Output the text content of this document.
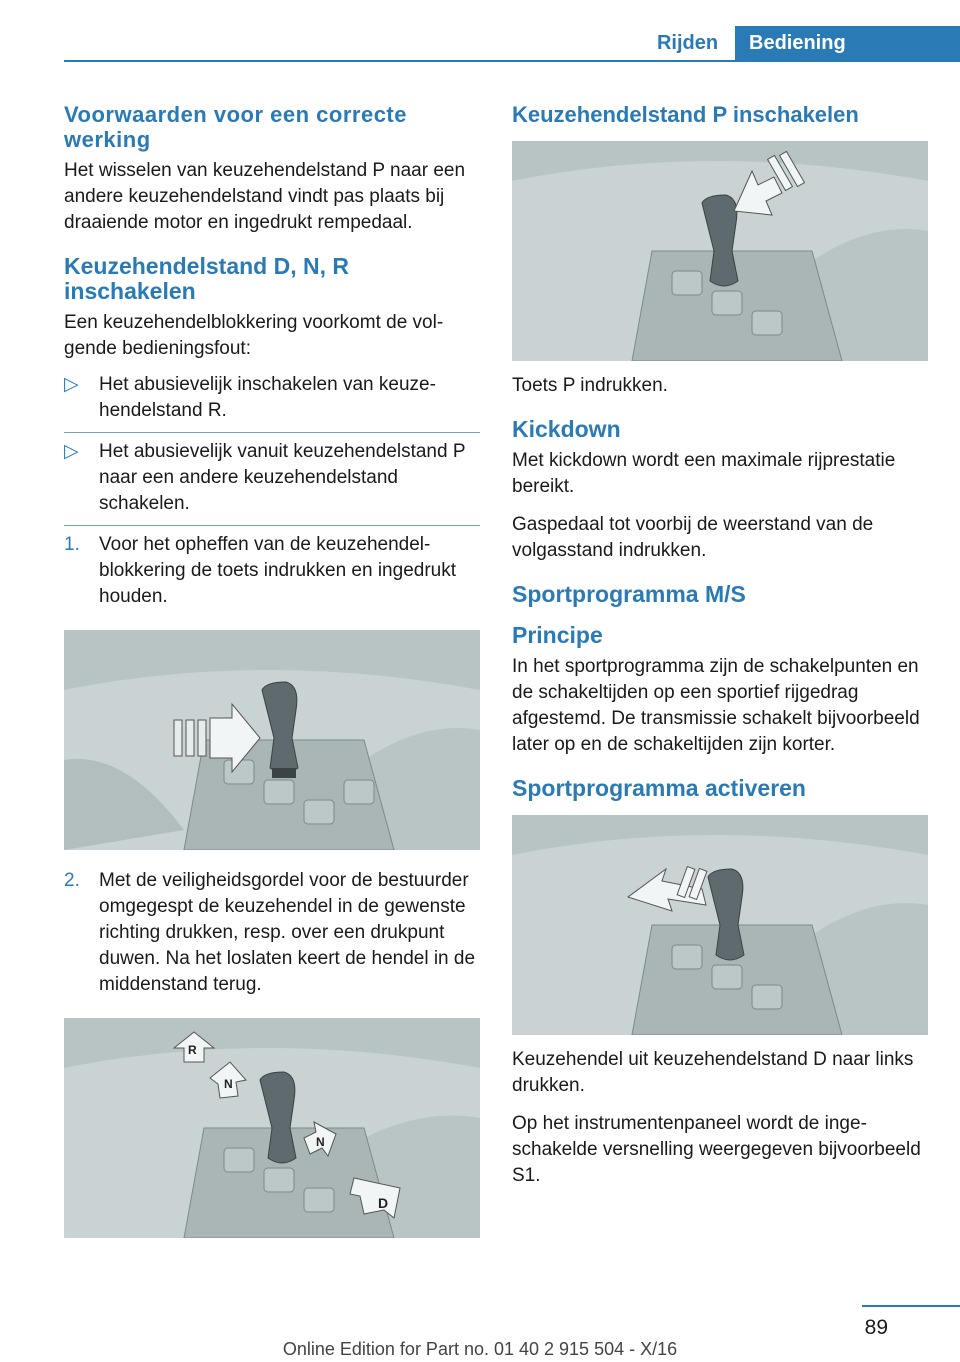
Rijden	Bediening
Voorwaarden voor een correcte werking

Het wisselen van keuzehendelstand P naar een andere keuzehendelstand vindt pas plaats bij draaiende motor en ingedrukt rempedaal.

Keuzehendelstand D, N, R inschakelen

Een keuzehendelblokkering voorkomt de volgende bedieningsfout:

▷	Het abusievelijk inschakelen van keuzehendelstand R.
▷	Het abusievelijk vanuit keuzehendelstand P naar een andere keuzehendelstand schakelen.
1.	Voor het opheffen van de keuzehendelblokkering de toets indrukken en ingedrukt houden.
2.	Met de veiligheidsgordel voor de bestuurder omgegespt de keuzehendel in de gewenste richting drukken, resp. over een drukpunt duwen. Na het loslaten keert de hendel in de middenstand terug.
R
N
N
D
Keuzehendelstand P inschakelen

Toets P indrukken.

Kickdown

Met kickdown wordt een maximale rijprestatie bereikt.

Gaspedaal tot voorbij de weerstand van de volgasstand indrukken.

Sportprogramma M/S
Principe

In het sportprogramma zijn de schakelpunten en de schakeltijden op een sportief rijgedrag afgestemd. De transmissie schakelt bijvoorbeeld later op en de schakeltijden zijn korter.

Sportprogramma activeren

Keuzehendel uit keuzehendelstand D naar links drukken.

Op het instrumentenpaneel wordt de ingeschakelde versnelling weergegeven bijvoorbeeld S1.

89
Online Edition for Part no. 01 40 2 915 504 - X/16
